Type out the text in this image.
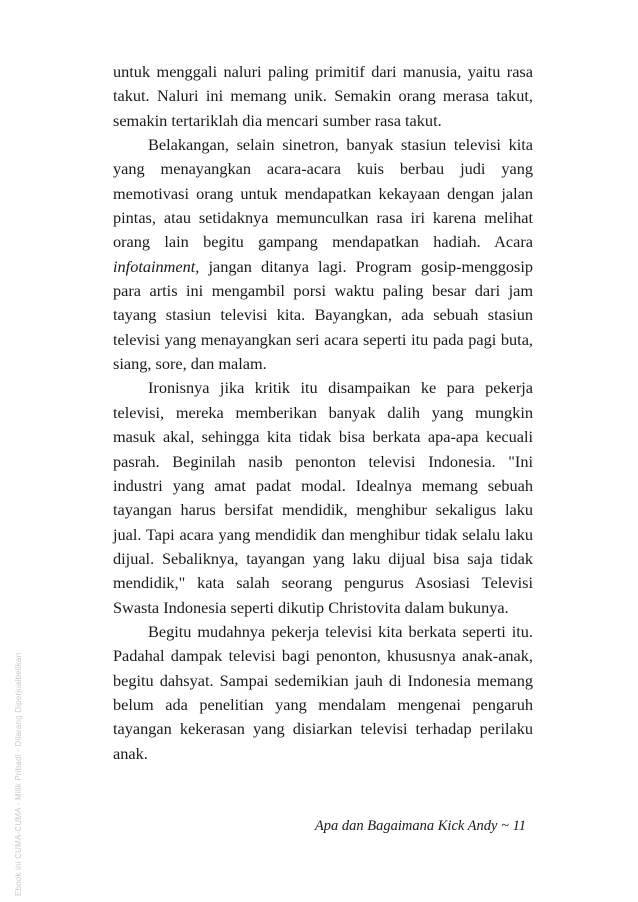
untuk menggali naluri paling primitif dari manusia, yaitu rasa takut. Naluri ini memang unik. Semakin orang merasa takut, semakin tertariklah dia mencari sumber rasa takut.

Belakangan, selain sinetron, banyak stasiun televisi kita yang menayangkan acara-acara kuis berbau judi yang memotivasi orang untuk mendapatkan kekayaan dengan jalan pintas, atau setidaknya memunculkan rasa iri karena melihat orang lain begitu gampang mendapatkan hadiah. Acara infotainment, jangan ditanya lagi. Program gosip-menggosip para artis ini mengambil porsi waktu paling besar dari jam tayang stasiun televisi kita. Bayangkan, ada sebuah stasiun televisi yang menayangkan seri acara seperti itu pada pagi buta, siang, sore, dan malam.

Ironisnya jika kritik itu disampaikan ke para pekerja televisi, mereka memberikan banyak dalih yang mungkin masuk akal, sehingga kita tidak bisa berkata apa-apa kecuali pasrah. Beginilah nasib penonton televisi Indonesia. "Ini industri yang amat padat modal. Idealnya memang sebuah tayangan harus bersifat mendidik, menghibur sekaligus laku jual. Tapi acara yang mendidik dan menghibur tidak selalu laku dijual. Sebaliknya, tayangan yang laku dijual bisa saja tidak mendidik," kata salah seorang pengurus Asosiasi Televisi Swasta Indonesia seperti dikutip Christovita dalam bukunya.

Begitu mudahnya pekerja televisi kita berkata seperti itu. Padahal dampak televisi bagi penonton, khususnya anak-anak, begitu dahsyat. Sampai sedemikian jauh di Indonesia memang belum ada penelitian yang mendalam mengenai pengaruh tayangan kekerasan yang disiarkan televisi terhadap perilaku anak.

Apa dan Bagaimana Kick Andy ~ 11
Ebook ini CUMA-CUMA - Milik Pribadi - Dilarang Diperjualbelikan
